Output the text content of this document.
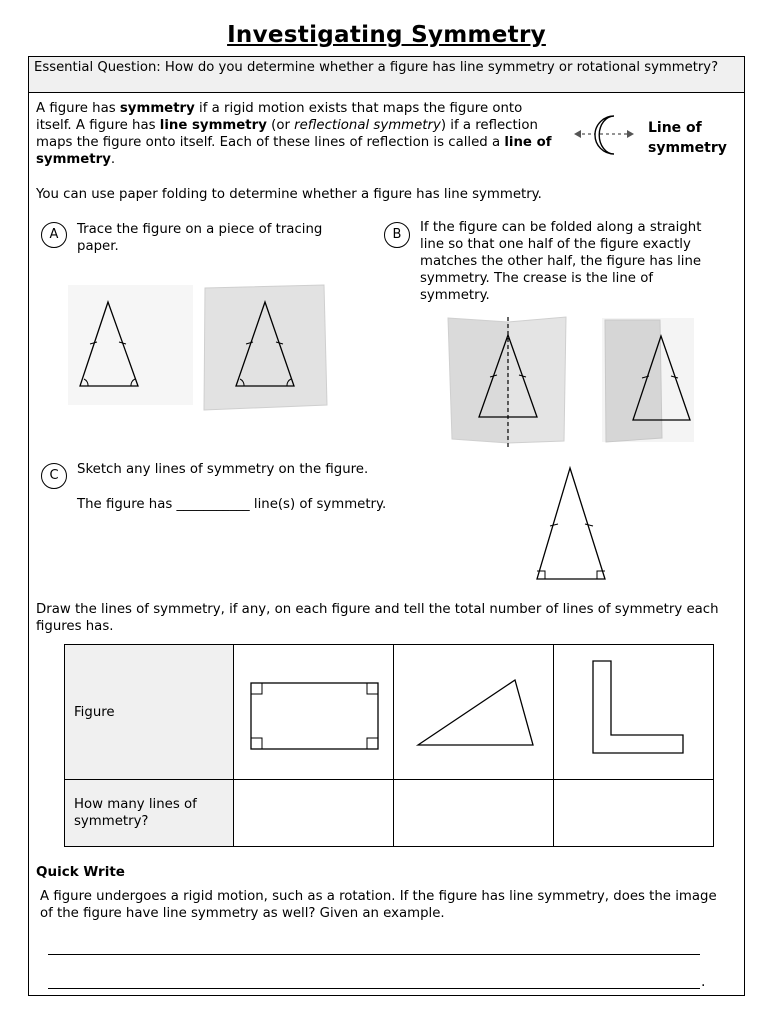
Investigating Symmetry
Essential Question: How do you determine whether a figure has line symmetry or rotational symmetry?
A figure has symmetry if a rigid motion exists that maps the figure onto itself. A figure has line symmetry (or reflectional symmetry) if a reflection maps the figure onto itself. Each of these lines of reflection is called a line of symmetry.
Line of symmetry
You can use paper folding to determine whether a figure has line symmetry.
A	Trace the figure on a piece of tracing paper.
B	If the figure can be folded along a straight line so that one half of the figure exactly matches the other half, the figure has line symmetry. The crease is the line of symmetry.
C	Sketch any lines of symmetry on the figure.
The figure has ___________ line(s) of symmetry.
Draw the lines of symmetry, if any, on each figure and tell the total number of lines of symmetry each figures has.
Figure			
How many lines of symmetry?			
Quick Write
A figure undergoes a rigid motion, such as a rotation. If the figure has line symmetry, does the image of the figure have line symmetry as well? Given an example.
.
